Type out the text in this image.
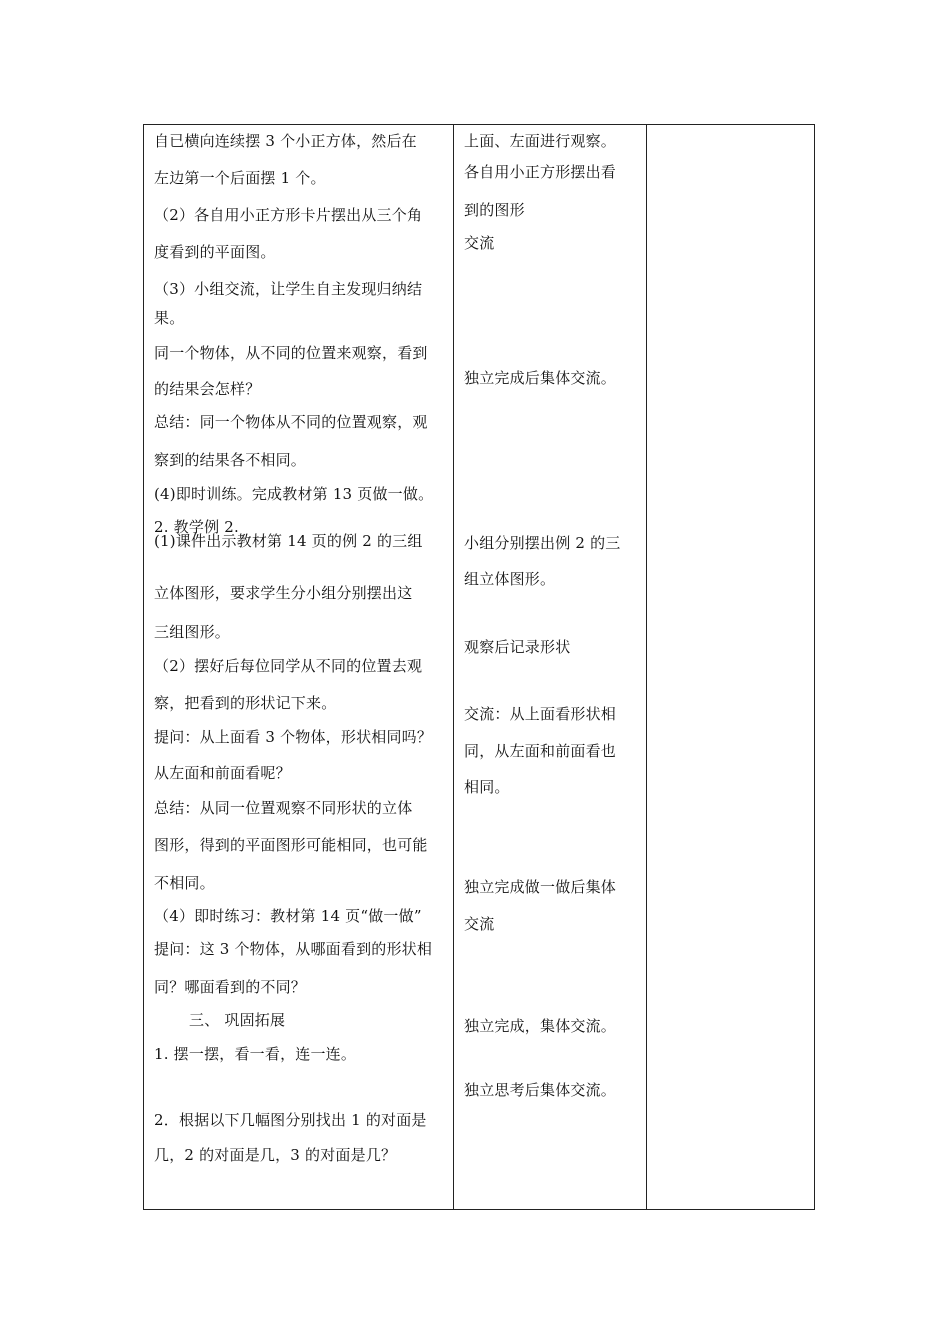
自已横向连续摆 3 个小正方体，然后在
左边第一个后面摆 1 个。
（2）各自用小正方形卡片摆出从三个角
度看到的平面图。
（3）小组交流，让学生自主发现归纳结
果。
同一个物体，从不同的位置来观察，看到
的结果会怎样？
总结：同一个物体从不同的位置观察，观
察到的结果各不相同。
(4)即时训练。完成教材第 13 页做一做。
2. 教学例 2.
(1)课件出示教材第 14 页的例 2 的三组
立体图形，要求学生分小组分别摆出这
三组图形。
（2）摆好后每位同学从不同的位置去观
察，把看到的形状记下来。
提问：从上面看 3 个物体，形状相同吗？
从左面和前面看呢？
总结：从同一位置观察不同形状的立体
图形，得到的平面图形可能相同，也可能
不相同。
（4）即时练习：教材第 14 页“做一做”
提问：这 3 个物体，从哪面看到的形状相
同？哪面看到的不同？
三、 巩固拓展
1. 摆一摆，看一看，连一连。
2．根据以下几幅图分别找出 1 的对面是
几，2 的对面是几，3 的对面是几？
上面、左面进行观察。
各自用小正方形摆出看
到的图形
交流
独立完成后集体交流。
小组分别摆出例 2 的三
组立体图形。
观察后记录形状
交流：从上面看形状相
同，从左面和前面看也
相同。
独立完成做一做后集体
交流
独立完成，集体交流。
独立思考后集体交流。
